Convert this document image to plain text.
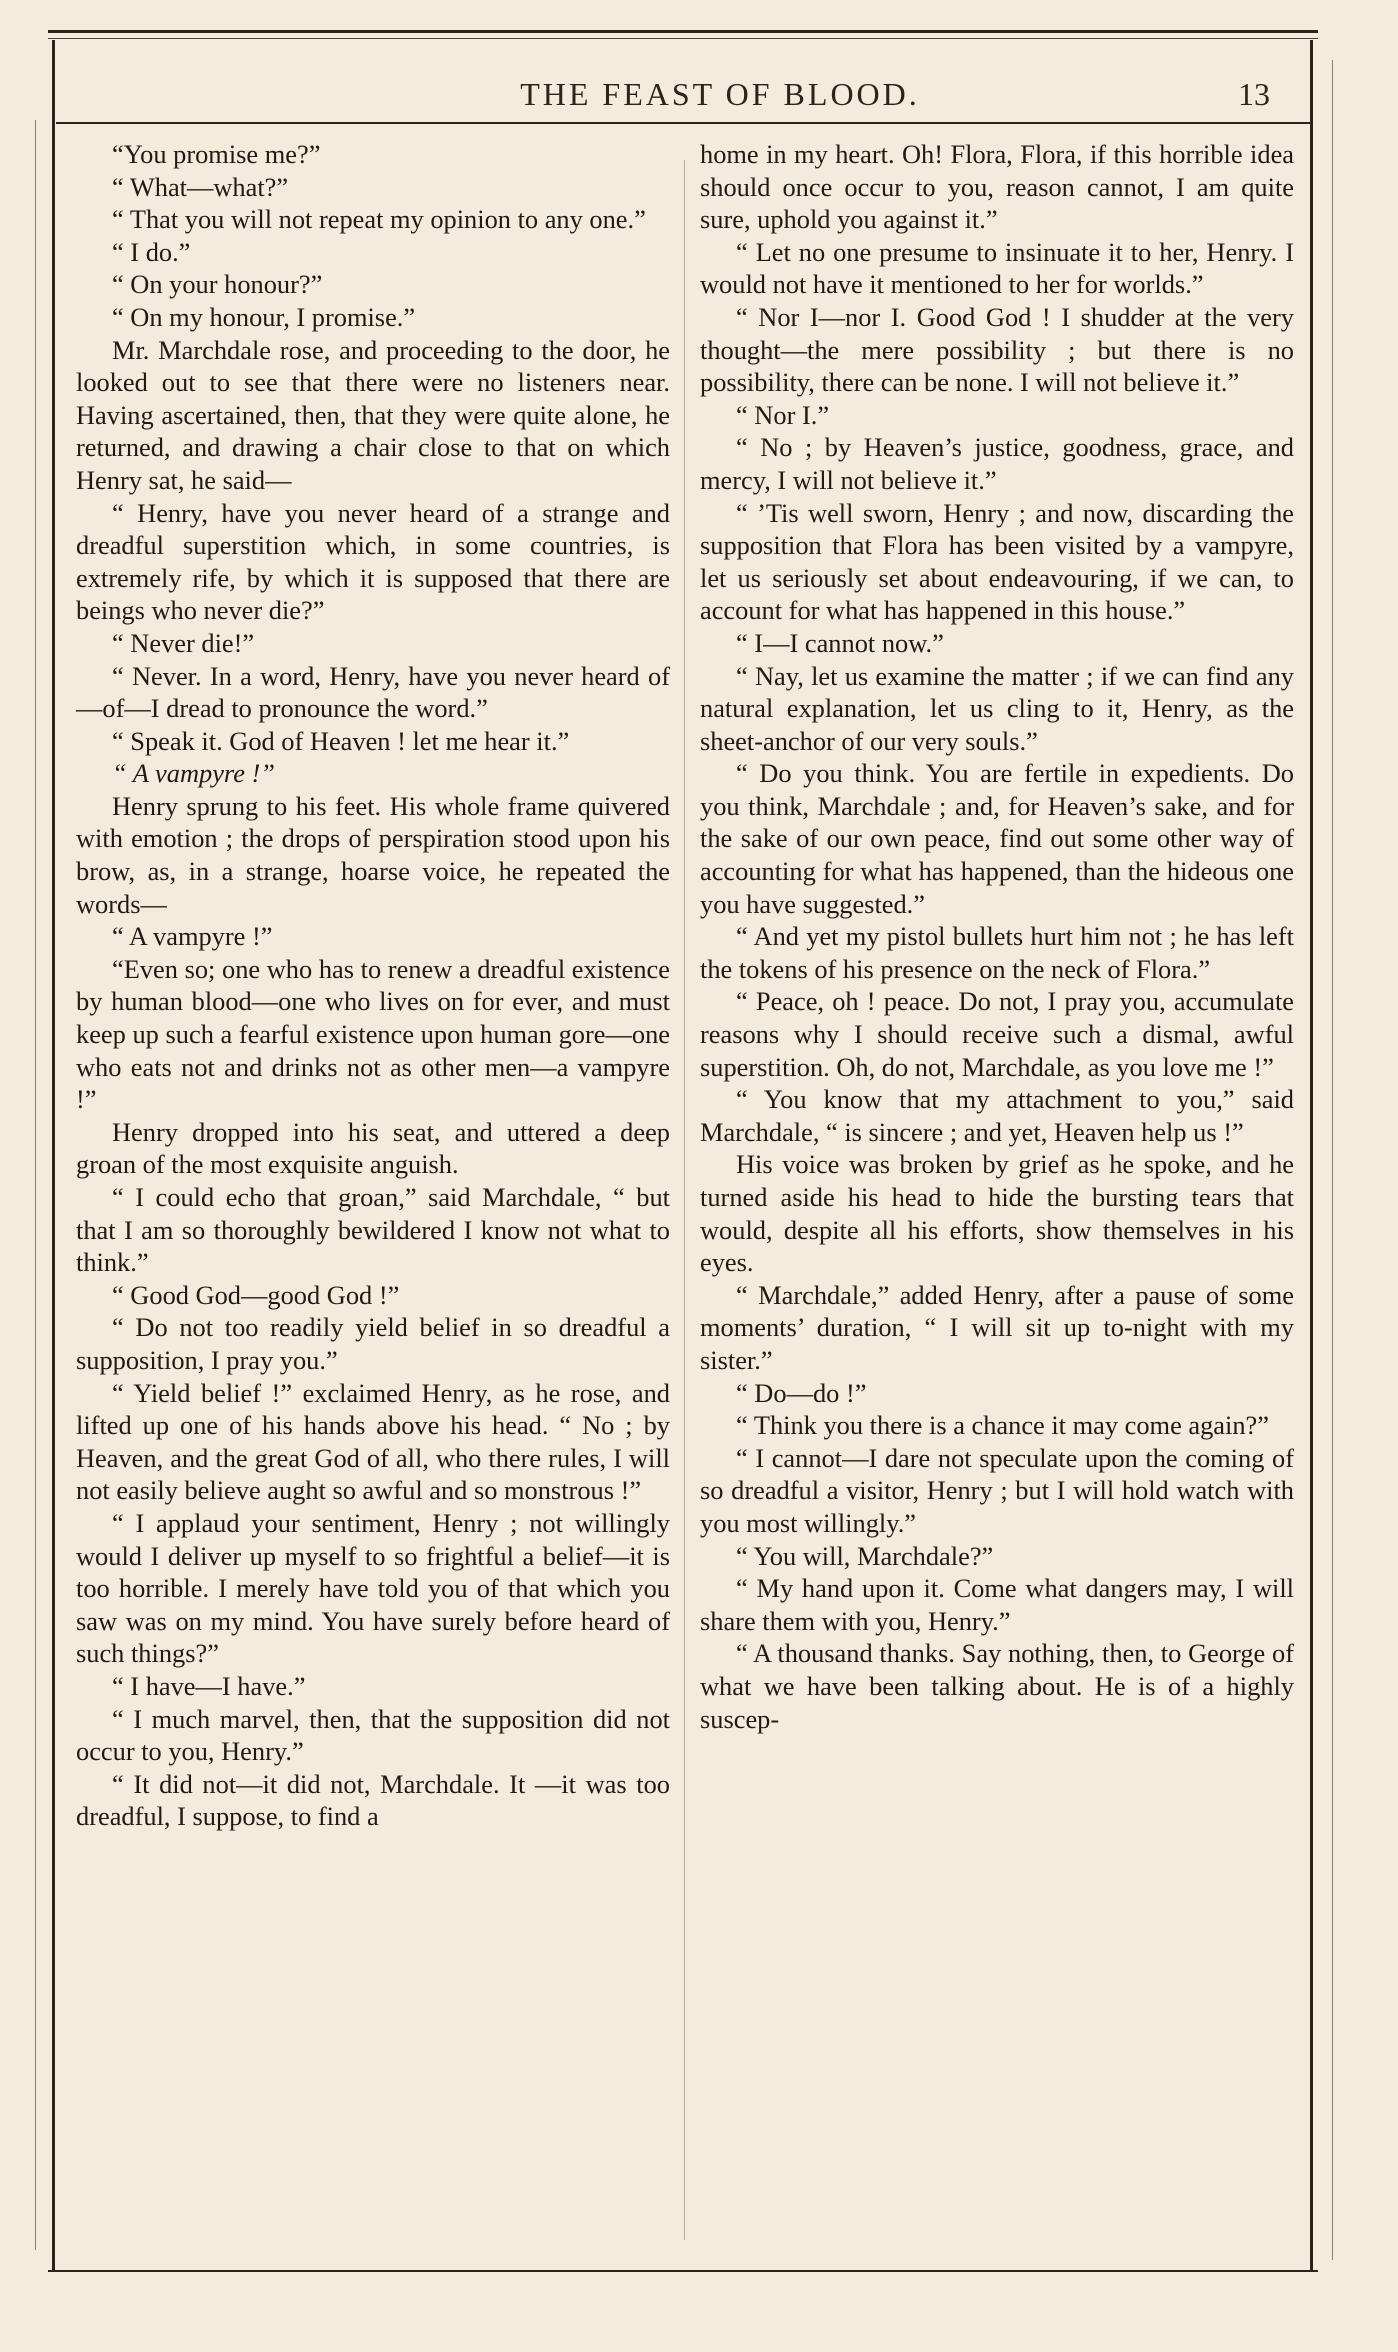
THE FEAST OF BLOOD.	13

“You promise me?”

“ What—what?”

“ That you will not repeat my opinion to any one.”

“ I do.”

“ On your honour?”

“ On my honour, I promise.”

Mr. Marchdale rose, and proceeding to the door, he looked out to see that there were no listeners near. Having ascertained, then, that they were quite alone, he returned, and drawing a chair close to that on which Henry sat, he said—

“ Henry, have you never heard of a strange and dreadful superstition which, in some countries, is extremely rife, by which it is supposed that there are beings who never die?”

“ Never die!”

“ Never. In a word, Henry, have you never heard of—of—I dread to pronounce the word.”

“ Speak it. God of Heaven ! let me hear it.”

“ A vampyre !”

Henry sprung to his feet. His whole frame quivered with emotion ; the drops of perspiration stood upon his brow, as, in a strange, hoarse voice, he repeated the words—

“ A vampyre !”

“Even so; one who has to renew a dreadful existence by human blood—one who lives on for ever, and must keep up such a fearful existence upon human gore—one who eats not and drinks not as other men—a vampyre !”

Henry dropped into his seat, and uttered a deep groan of the most exquisite anguish.

“ I could echo that groan,” said Marchdale, “ but that I am so thoroughly bewildered I know not what to think.”

“ Good God—good God !”

“ Do not too readily yield belief in so dreadful a supposition, I pray you.”

“ Yield belief !” exclaimed Henry, as he rose, and lifted up one of his hands above his head. “ No ; by Heaven, and the great God of all, who there rules, I will not easily believe aught so awful and so monstrous !”

“ I applaud your sentiment, Henry ; not willingly would I deliver up myself to so frightful a belief—it is too horrible. I merely have told you of that which you saw was on my mind. You have surely before heard of such things?”

“ I have—I have.”

“ I much marvel, then, that the supposition did not occur to you, Henry.”

“ It did not—it did not, Marchdale. It —it was too dreadful, I suppose, to find a

home in my heart. Oh! Flora, Flora, if this horrible idea should once occur to you, reason cannot, I am quite sure, uphold you against it.”

“ Let no one presume to insinuate it to her, Henry. I would not have it mentioned to her for worlds.”

“ Nor I—nor I. Good God ! I shudder at the very thought—the mere possibility ; but there is no possibility, there can be none. I will not believe it.”

“ Nor I.”

“ No ; by Heaven’s justice, goodness, grace, and mercy, I will not believe it.”

“ ’Tis well sworn, Henry ; and now, discarding the supposition that Flora has been visited by a vampyre, let us seriously set about endeavouring, if we can, to account for what has happened in this house.”

“ I—I cannot now.”

“ Nay, let us examine the matter ; if we can find any natural explanation, let us cling to it, Henry, as the sheet-anchor of our very souls.”

“ Do you think. You are fertile in expedients. Do you think, Marchdale ; and, for Heaven’s sake, and for the sake of our own peace, find out some other way of accounting for what has happened, than the hideous one you have suggested.”

“ And yet my pistol bullets hurt him not ; he has left the tokens of his presence on the neck of Flora.”

“ Peace, oh ! peace. Do not, I pray you, accumulate reasons why I should receive such a dismal, awful superstition. Oh, do not, Marchdale, as you love me !”

“ You know that my attachment to you,” said Marchdale, “ is sincere ; and yet, Heaven help us !”

His voice was broken by grief as he spoke, and he turned aside his head to hide the bursting tears that would, despite all his efforts, show themselves in his eyes.

“ Marchdale,” added Henry, after a pause of some moments’ duration, “ I will sit up to-night with my sister.”

“ Do—do !”

“ Think you there is a chance it may come again?”

“ I cannot—I dare not speculate upon the coming of so dreadful a visitor, Henry ; but I will hold watch with you most willingly.”

“ You will, Marchdale?”

“ My hand upon it. Come what dangers may, I will share them with you, Henry.”

“ A thousand thanks. Say nothing, then, to George of what we have been talking about. He is of a highly suscep-
